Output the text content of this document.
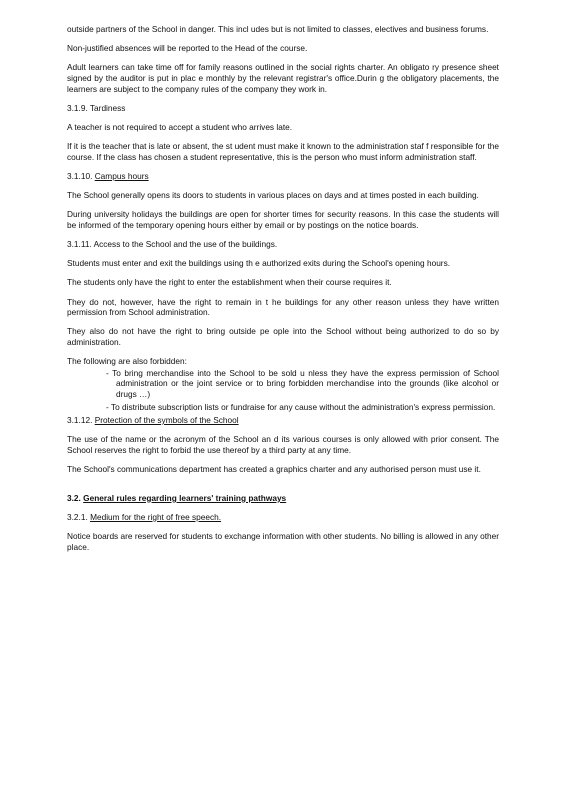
outside partners of the School in danger. This incl udes but is not limited to classes, electives and business forums.

Non-justified absences will be reported to the Head of the course.

Adult learners can take time off for family reasons outlined in the social rights charter. An obligato ry presence sheet signed by the auditor is put in plac e monthly by the relevant registrar's office.Durin g the obligatory placements, the learners are subject to the company rules of the company they work in.

3.1.9. Tardiness

A teacher is not required to accept a student who arrives late.

If it is the teacher that is late or absent, the st udent must make it known to the administration staf f responsible for the course. If the class has chosen a student representative, this is the person who must inform administration staff.

3.1.10. Campus hours

The School generally opens its doors to students in various places on days and at times posted in each building.

During university holidays the buildings are open for shorter times for security reasons. In this case the students will be informed of the temporary opening hours either by email or by postings on the notice boards.

3.1.11. Access to the School and the use of the buildings.

Students must enter and exit the buildings using th e authorized exits during the School's opening hours.

The students only have the right to enter the establishment when their course requires it.

They do not, however, have the right to remain in t he buildings for any other reason unless they have written permission from School administration.

They also do not have the right to bring outside pe ople into the School without being authorized to do so by administration.

The following are also forbidden:

- To bring merchandise into the School to be sold u nless they have the express permission of School administration or the joint service or to bring forbidden merchandise into the grounds (like alcohol or drugs …)
- To distribute subscription lists or fundraise for any cause without the administration's express permission.
3.1.12. Protection of the symbols of the School

The use of the name or the acronym of the School an d its various courses is only allowed with prior consent. The School reserves the right to forbid the use thereof by a third party at any time.

The School's communications department has created a graphics charter and any authorised person must use it.

3.2. General rules regarding learners' training pathways
3.2.1. Medium for the right of free speech.

Notice boards are reserved for students to exchange information with other students. No billing is allowed in any other place.
